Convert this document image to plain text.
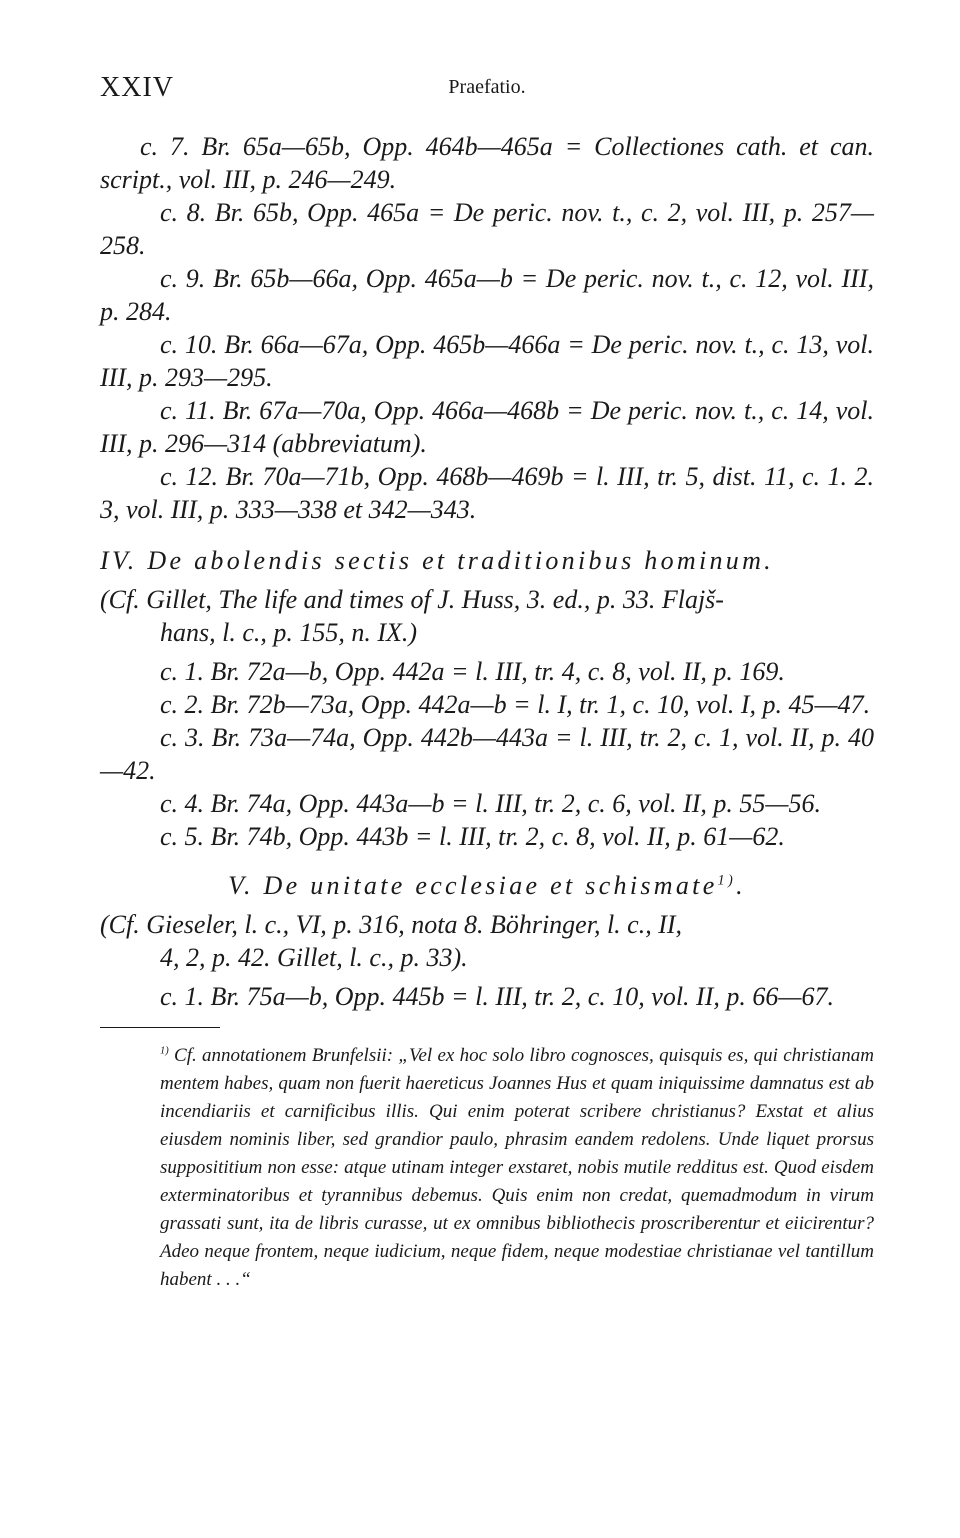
XXIV	Praefatio.

c. 7. Br. 65a—65b, Opp. 464b—465a = Collectiones cath. et can. script., vol. III, p. 246—249.

c. 8. Br. 65b, Opp. 465a = De peric. nov. t., c. 2, vol. III, p. 257—258.

c. 9. Br. 65b—66a, Opp. 465a—b = De peric. nov. t., c. 12, vol. III, p. 284.

c. 10. Br. 66a—67a, Opp. 465b—466a = De peric. nov. t., c. 13, vol. III, p. 293—295.

c. 11. Br. 67a—70a, Opp. 466a—468b = De peric. nov. t., c. 14, vol. III, p. 296—314 (abbreviatum).

c. 12. Br. 70a—71b, Opp. 468b—469b = l. III, tr. 5, dist. 11, c. 1. 2. 3, vol. III, p. 333—338 et 342—343.

IV. De abolendis sectis et traditionibus hominum.
(Cf. Gillet, The life and times of J. Huss, 3. ed., p. 33. Flajš-
hans, l. c., p. 155, n. IX.)

c. 1. Br. 72a—b, Opp. 442a = l. III, tr. 4, c. 8, vol. II, p. 169.

c. 2. Br. 72b—73a, Opp. 442a—b = l. I, tr. 1, c. 10, vol. I, p. 45—47.

c. 3. Br. 73a—74a, Opp. 442b—443a = l. III, tr. 2, c. 1, vol. II, p. 40—42.

c. 4. Br. 74a, Opp. 443a—b = l. III, tr. 2, c. 6, vol. II, p. 55—56.

c. 5. Br. 74b, Opp. 443b = l. III, tr. 2, c. 8, vol. II, p. 61—62.

V. De unitate ecclesiae et schismate$^{1)}$.
(Cf. Gieseler, l. c., VI, p. 316, nota 8. Böhringer, l. c., II,
4, 2, p. 42. Gillet, l. c., p. 33).

c. 1. Br. 75a—b, Opp. 445b = l. III, tr. 2, c. 10, vol. II, p. 66—67.

$^{1)}$ Cf. annotationem Brunfelsii: „Vel ex hoc solo libro cognosces, quisquis es, qui christianam mentem habes, quam non fuerit haereticus Joannes Hus et quam iniquissime damnatus est ab incendiariis et carnificibus illis. Qui enim poterat scribere christianus? Exstat et alius eiusdem nominis liber, sed grandior paulo, phrasim eandem redolens. Unde liquet prorsus supposititium non esse: atque utinam integer exstaret, nobis mutile redditus est. Quod eisdem exterminatoribus et tyrannibus debemus. Quis enim non credat, quemadmodum in virum grassati sunt, ita de libris curasse, ut ex omnibus bibliothecis proscriberentur et eiicirentur? Adeo neque frontem, neque iudicium, neque fidem, neque modestiae christianae vel tantillum habent . . .“
